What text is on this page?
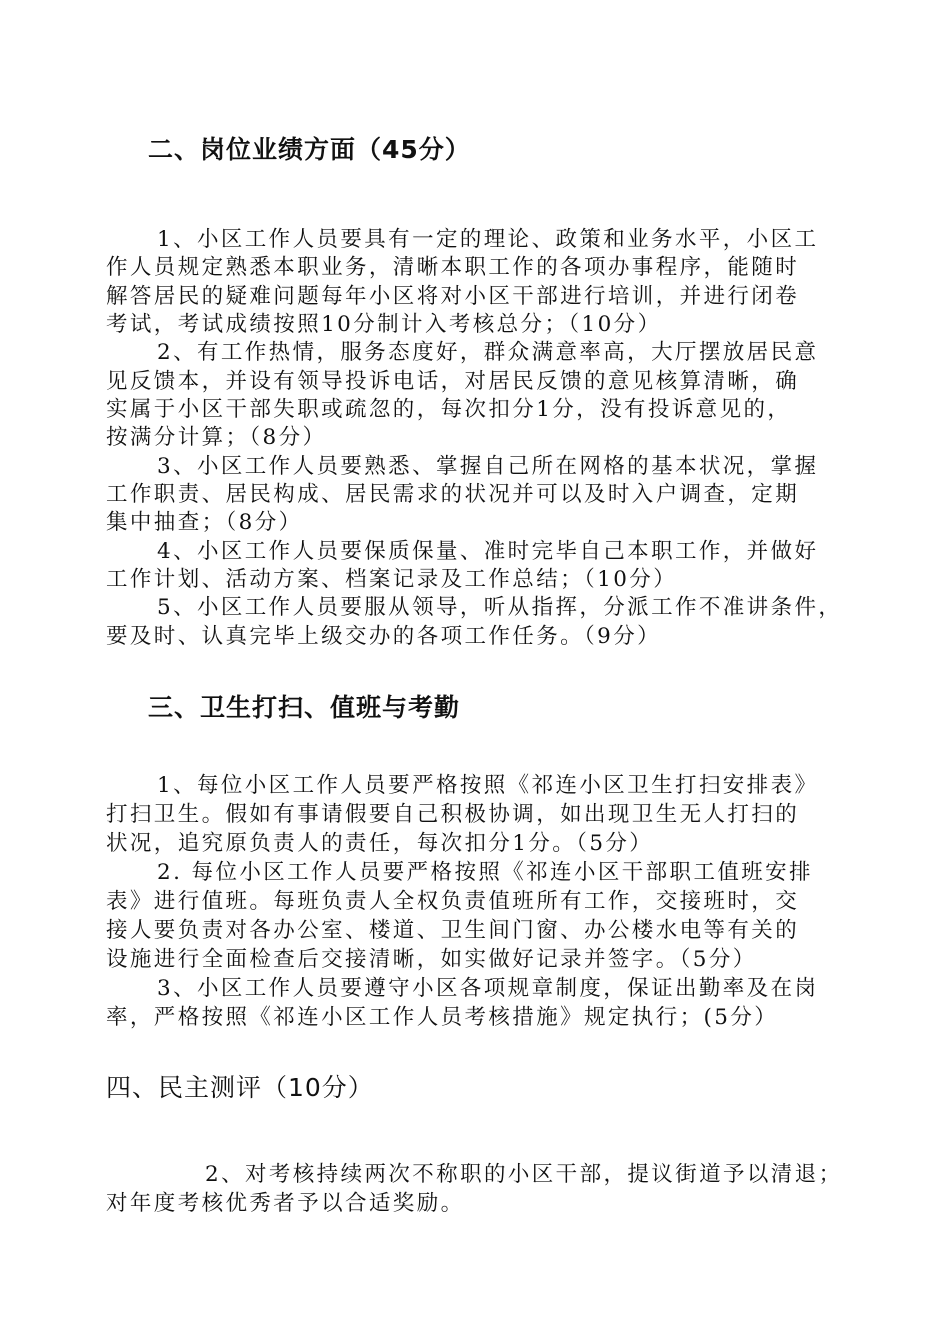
二、岗位业绩方面（45分）

1、小区工作人员要具有一定的理论、政策和业务水平，小区工

作人员规定熟悉本职业务，清晰本职工作的各项办事程序，能随时

解答居民的疑难问题每年小区将对小区干部进行培训，并进行闭卷

考试，考试成绩按照10分制计入考核总分；（10分）

2、有工作热情，服务态度好，群众满意率高，大厅摆放居民意

见反馈本，并设有领导投诉电话，对居民反馈的意见核算清晰，确

实属于小区干部失职或疏忽的，每次扣分1分，没有投诉意见的，

按满分计算；（8分）

3、小区工作人员要熟悉、掌握自己所在网格的基本状况，掌握

工作职责、居民构成、居民需求的状况并可以及时入户调查，定期

集中抽查；（8分）

4、小区工作人员要保质保量、准时完毕自己本职工作，并做好

工作计划、活动方案、档案记录及工作总结；（10分）

5、小区工作人员要服从领导，听从指挥，分派工作不准讲条件，

要及时、认真完毕上级交办的各项工作任务。（9分）

三、卫生打扫、值班与考勤

1、每位小区工作人员要严格按照《祁连小区卫生打扫安排表》

打扫卫生。假如有事请假要自己积极协调，如出现卫生无人打扫的

状况，追究原负责人的责任，每次扣分1分。（5分）

2. 每位小区工作人员要严格按照《祁连小区干部职工值班安排

表》进行值班。每班负责人全权负责值班所有工作，交接班时，交

接人要负责对各办公室、楼道、卫生间门窗、办公楼水电等有关的

设施进行全面检查后交接清晰，如实做好记录并签字。（5分）

3、小区工作人员要遵守小区各项规章制度，保证出勤率及在岗

率，严格按照《祁连小区工作人员考核措施》规定执行；(5分）

四、民主测评（10分）

2、对考核持续两次不称职的小区干部，提议街道予以清退；

对年度考核优秀者予以合适奖励。
